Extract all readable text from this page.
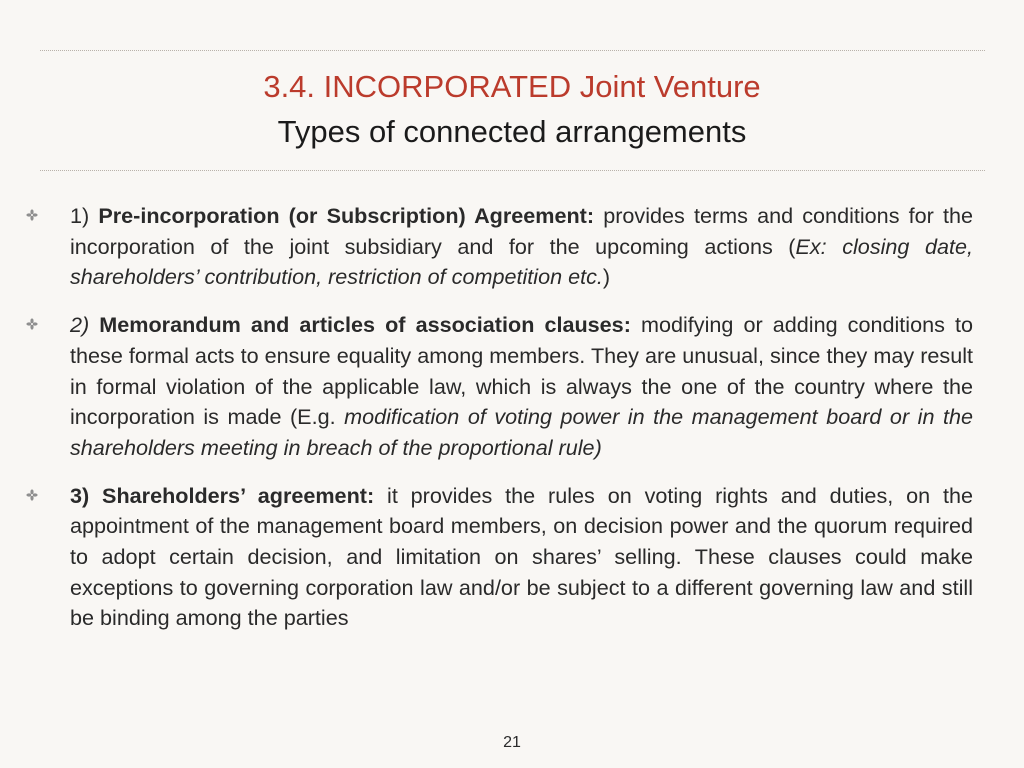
3.4. INCORPORATED Joint Venture
Types of connected arrangements
1) Pre-incorporation (or Subscription) Agreement: provides terms and conditions for the incorporation of the joint subsidiary and for the upcoming actions (Ex: closing date, shareholders’ contribution, restriction of competition etc.)
2) Memorandum and articles of association clauses: modifying or adding conditions to these formal acts to ensure equality among members. They are unusual, since they may result in formal violation of the applicable law, which is always the one of the country where the incorporation is made (E.g. modification of voting power in the management board or in the shareholders meeting in breach of the proportional rule)
3) Shareholders’ agreement: it provides the rules on voting rights and duties, on the appointment of the management board members, on decision power and the quorum required to adopt certain decision, and limitation on shares’ selling. These clauses could make exceptions to governing corporation law and/or be subject to a different governing law and still be binding among the parties
21
